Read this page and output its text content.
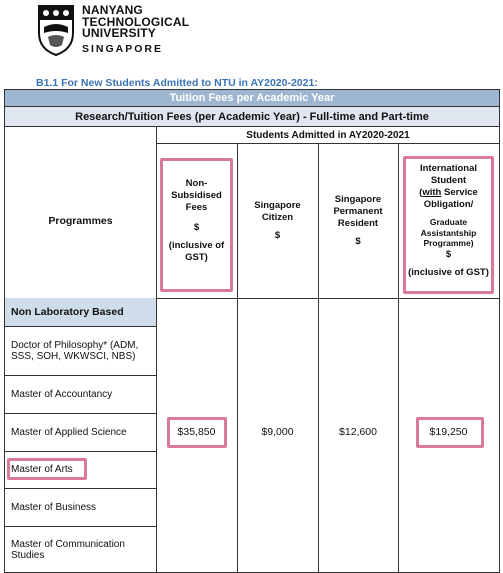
NANYANG
TECHNOLOGICAL
UNIVERSITY
SINGAPORE
B1.1 For New Students Admitted to NTU in AY2020-2021:
Tuition Fees per Academic Year
Research/Tuition Fees (per Academic Year) - Full-time and Part-time
Students Admitted in AY2020-2021
Programmes
Non-
Subsidised
Fees
$
(inclusive of
GST)
Singapore
Citizen
$
Singapore
Permanent
Resident
$
International
Student
(with Service
Obligation/
Graduate
Assistantship
Programme)
$
(inclusive of GST)
Non Laboratory Based
Doctor of Philosophy* (ADM, SSS, SOH, WKWSCI, NBS)
Master of Accountancy
Master of Applied Science
Master of Arts
Master of Business
Master of Communication Studies
$35,850	$9,000	$12,600	$19,250
